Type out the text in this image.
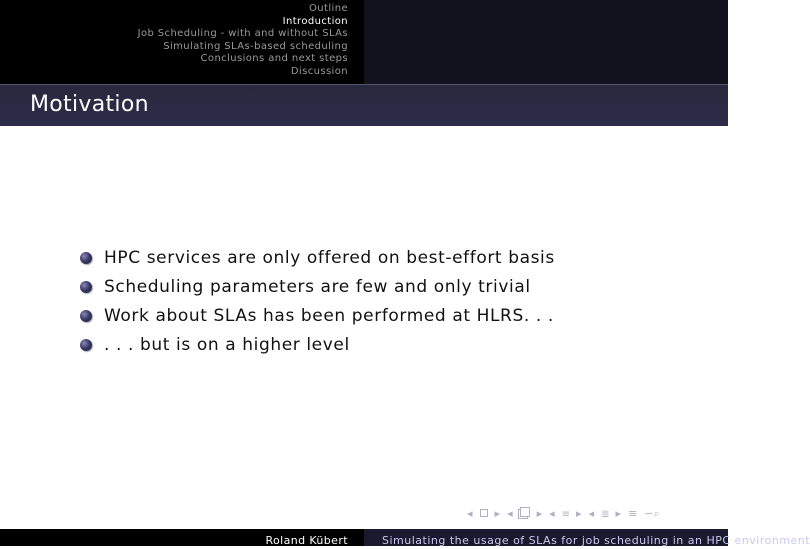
Outline
Introduction
Job Scheduling - with and without SLAs
Simulating SLAs-based scheduling
Conclusions and next steps
Discussion
Motivation
HPC services are only offered on best-effort basis
Scheduling parameters are few and only trivial
Work about SLAs has been performed at HLRS. . .
. . . but is on a higher level
◂ ▸ ◂ ▸ ◂ ≡ ▸ ◂ ≣ ▸ ≡ ∽⌕
Roland Kübert	Simulating the usage of SLAs for job scheduling in an HPC environment
